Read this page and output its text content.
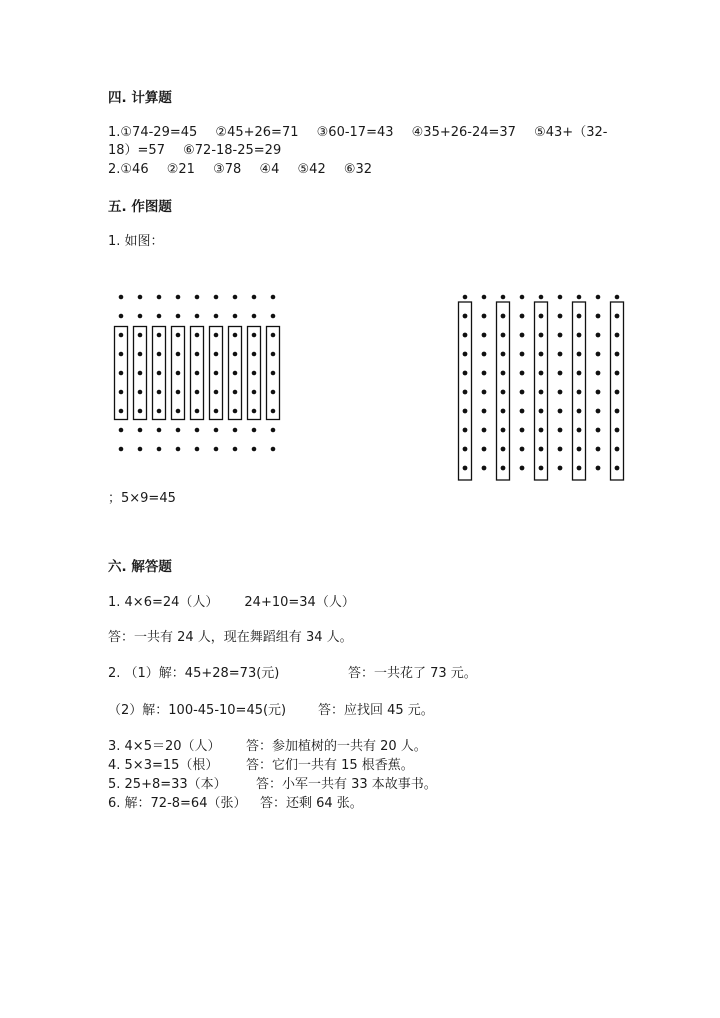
四. 计算题
1.①74-29=45 ②45+26=71 ③60-17=43 ④35+26-24=37 ⑤43+（32-
18）=57 ⑥72-18-25=29
2.①46 ②21 ③78 ④4 ⑤42 ⑥32
五. 作图题
1. 如图：
；5×9=45
六. 解答题
1. 4×6=24（人） 24+10=34（人）
答：一共有 24 人，现在舞蹈组有 34 人。
2. （1）解：45+28=73(元)	答：一共花了 73 元。
（2）解：100-45-10=45(元) 答：应找回 45 元。
3. 4×5＝20（人） 答：参加植树的一共有 20 人。
4. 5×3=15（根） 答：它们一共有 15 根香蕉。
5. 25+8=33（本） 答：小军一共有 33 本故事书。
6. 解：72-8=64（张） 答：还剩 64 张。
